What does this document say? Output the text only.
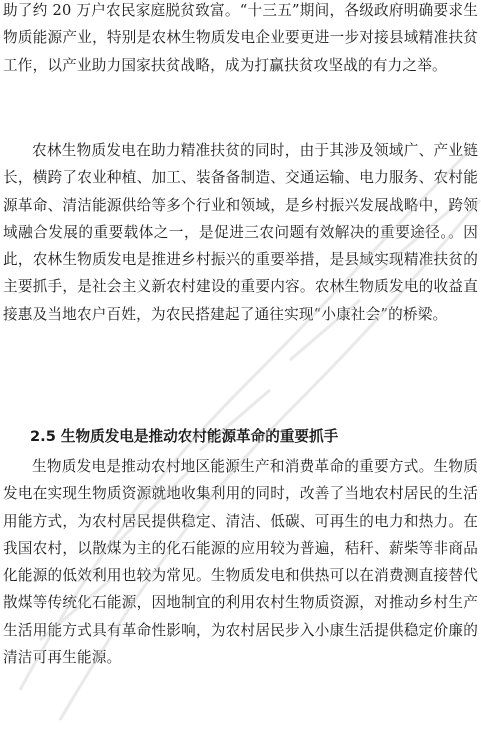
助了约 20 万户农民家庭脱贫致富。“十三五”期间，各级政府明确要求生物质能源产业，特别是农林生物质发电企业要更进一步对接县域精准扶贫工作，以产业助力国家扶贫战略，成为打赢扶贫攻坚战的有力之举。

农林生物质发电在助力精准扶贫的同时，由于其涉及领域广、产业链长，横跨了农业种植、加工、装备备制造、交通运输、电力服务、农村能源革命、清洁能源供给等多个行业和领域，是乡村振兴发展战略中，跨领域融合发展的重要载体之一，是促进三农问题有效解决的重要途径。。因此，农林生物质发电是推进乡村振兴的重要举措，是县域实现精准扶贫的主要抓手，是社会主义新农村建设的重要内容。农林生物质发电的收益直接惠及当地农户百姓，为农民搭建起了通往实现“小康社会”的桥梁。

2.5 生物质发电是推动农村能源革命的重要抓手

生物质发电是推动农村地区能源生产和消费革命的重要方式。生物质发电在实现生物质资源就地收集利用的同时，改善了当地农村居民的生活用能方式，为农村居民提供稳定、清洁、低碳、可再生的电力和热力。在我国农村，以散煤为主的化石能源的应用较为普遍，秸秆、薪柴等非商品化能源的低效利用也较为常见。生物质发电和供热可以在消费测直接替代散煤等传统化石能源，因地制宜的利用农村生物质资源，对推动乡村生产生活用能方式具有革命性影响，为农村居民步入小康生活提供稳定价廉的清洁可再生能源。
